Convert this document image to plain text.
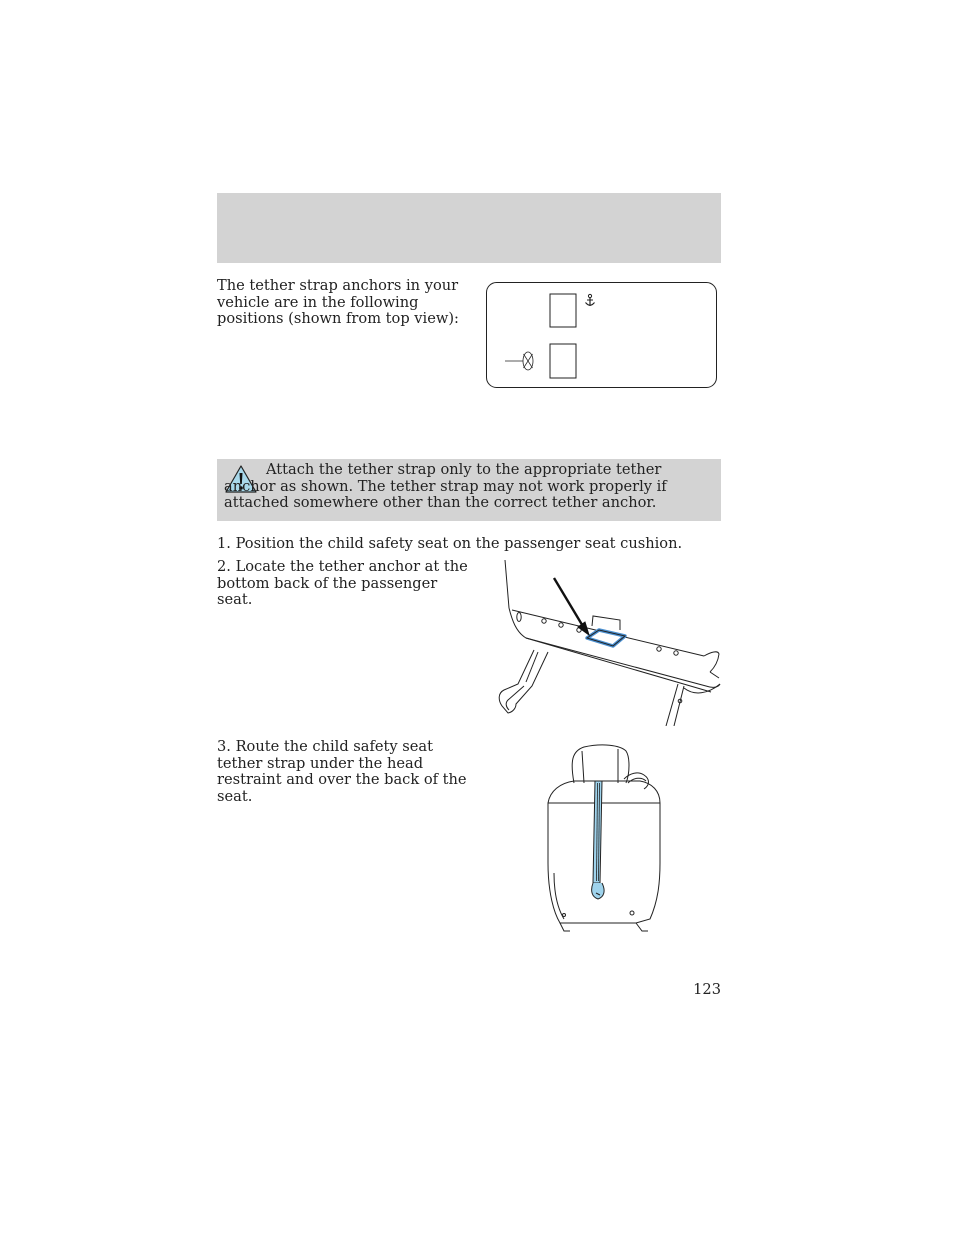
The tether strap anchors in your vehicle are in the following positions (shown from top view):
Attach the tether strap only to the appropriate tether anchor as shown. The tether strap may not work properly if attached somewhere other than the correct tether anchor.
1. Position the child safety seat on the passenger seat cushion.
2. Locate the tether anchor at the bottom back of the passenger seat.
3. Route the child safety seat tether strap under the head restraint and over the back of the seat.
123
